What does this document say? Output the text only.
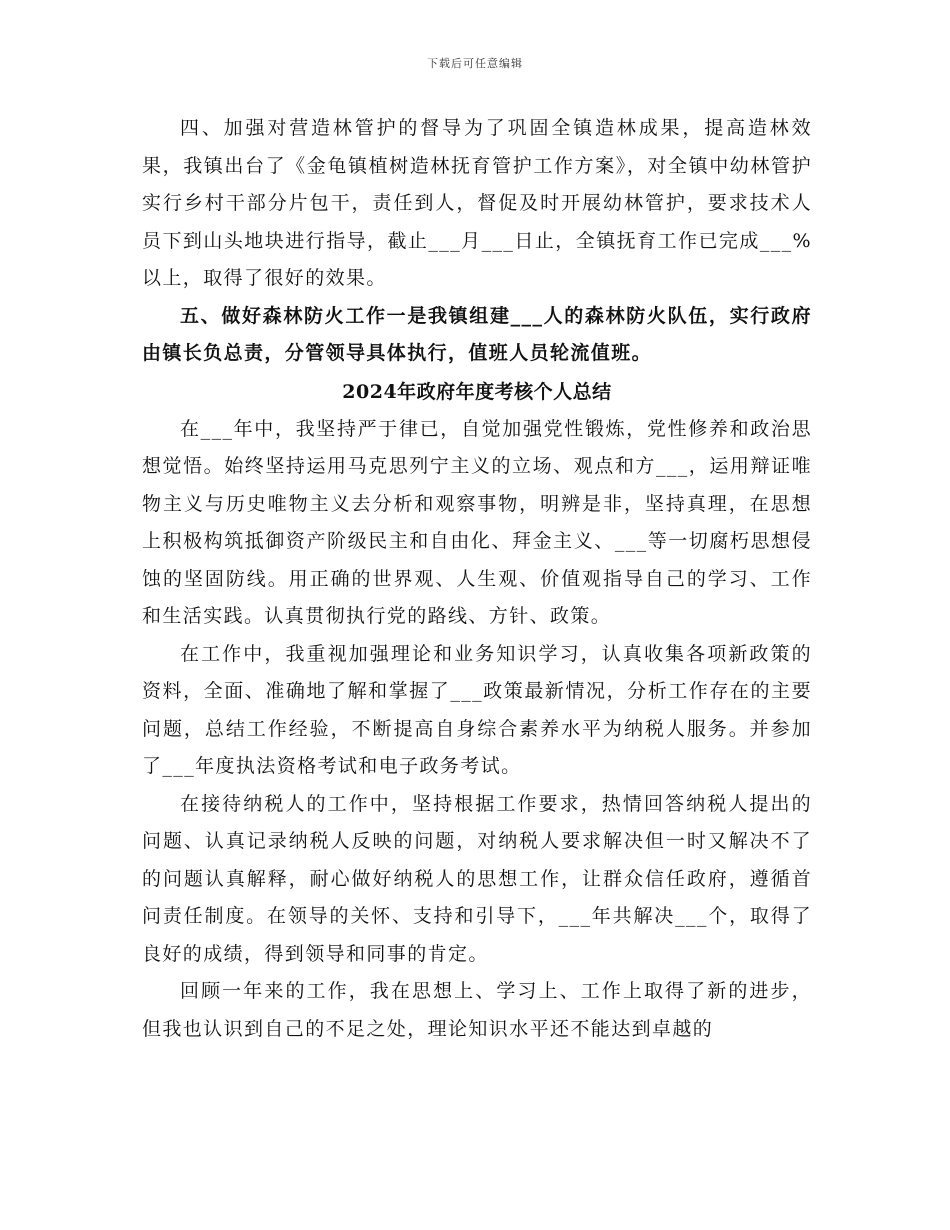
下载后可任意编辑

四、加强对营造林管护的督导为了巩固全镇造林成果，提高造林效果，我镇出台了《金龟镇植树造林抚育管护工作方案》，对全镇中幼林管护实行乡村干部分片包干，责任到人，督促及时开展幼林管护，要求技术人员下到山头地块进行指导，截止___月___日止，全镇抚育工作已完成___%以上，取得了很好的效果。

五、做好森林防火工作一是我镇组建___人的森林防火队伍，实行政府由镇长负总责，分管领导具体执行，值班人员轮流值班。

2024年政府年度考核个人总结

在___年中，我坚持严于律已，自觉加强党性锻炼，党性修养和政治思想觉悟。始终坚持运用马克思列宁主义的立场、观点和方___，运用辩证唯物主义与历史唯物主义去分析和观察事物，明辨是非，坚持真理，在思想上积极构筑抵御资产阶级民主和自由化、拜金主义、___等一切腐朽思想侵蚀的坚固防线。用正确的世界观、人生观、价值观指导自己的学习、工作和生活实践。认真贯彻执行党的路线、方针、政策。

在工作中，我重视加强理论和业务知识学习，认真收集各项新政策的资料，全面、准确地了解和掌握了___政策最新情况，分析工作存在的主要问题，总结工作经验，不断提高自身综合素养水平为纳税人服务。并参加了___年度执法资格考试和电子政务考试。

在接待纳税人的工作中，坚持根据工作要求，热情回答纳税人提出的问题、认真记录纳税人反映的问题，对纳税人要求解决但一时又解决不了的问题认真解释，耐心做好纳税人的思想工作，让群众信任政府，遵循首问责任制度。在领导的关怀、支持和引导下，___年共解决___个，取得了良好的成绩，得到领导和同事的肯定。

回顾一年来的工作，我在思想上、学习上、工作上取得了新的进步，但我也认识到自己的不足之处，理论知识水平还不能达到卓越的
